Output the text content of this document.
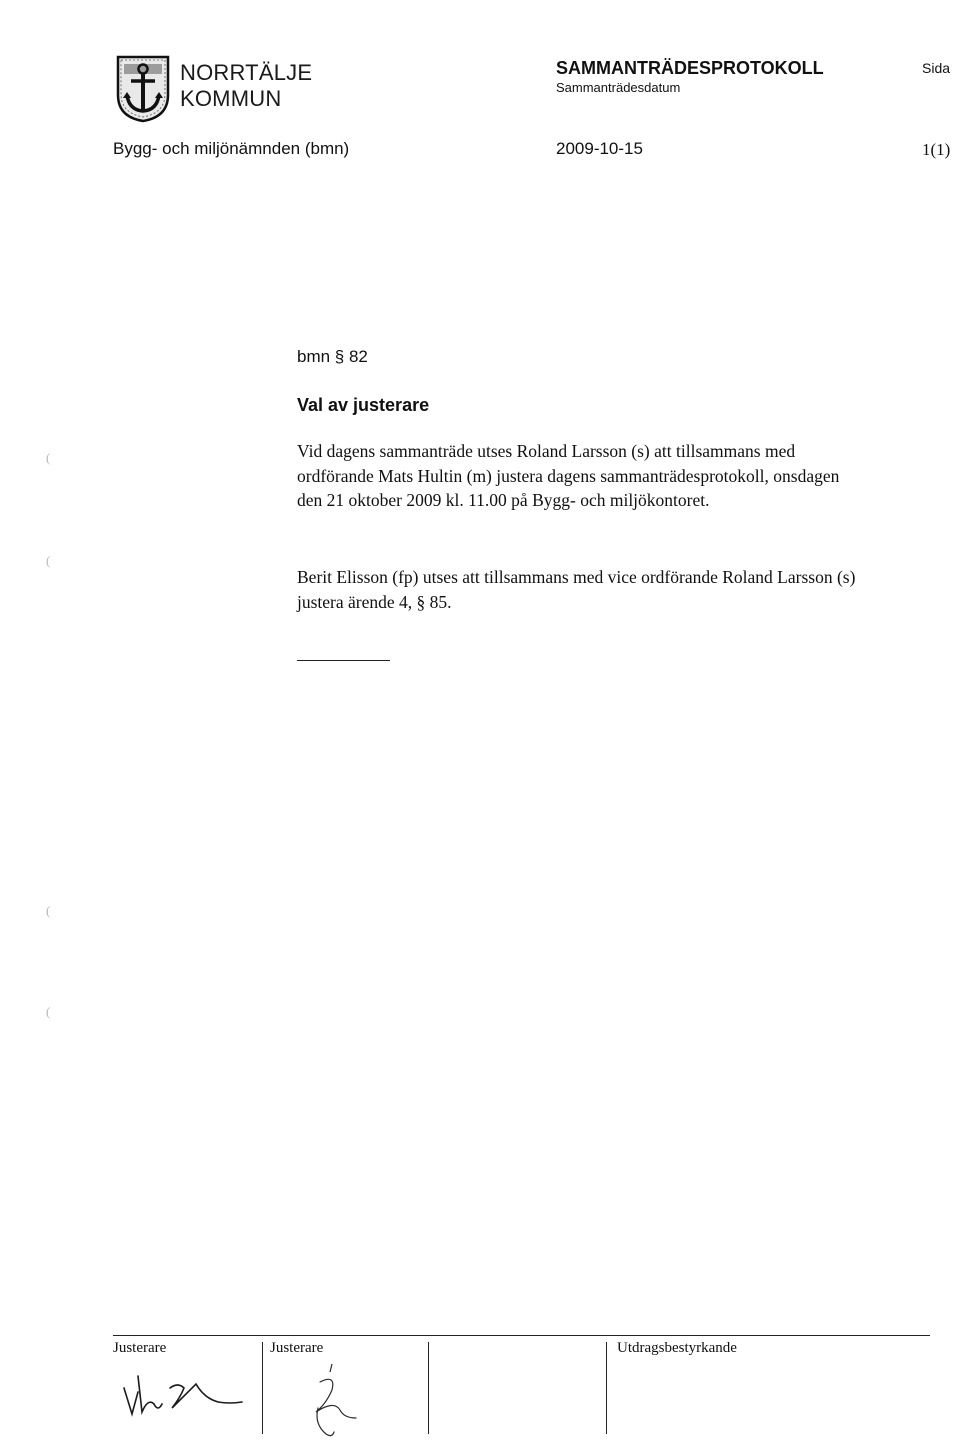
NORRTÄLJE
KOMMUN
SAMMANTRÄDESPROTOKOLL
Sammanträdesdatum
Sida
Bygg- och miljönämnden (bmn)	2009-10-15	1(1)
bmn § 82
Val av justerare
Vid dagens sammanträde utses Roland Larsson (s) att tillsammans med
ordförande Mats Hultin (m) justera dagens sammanträdesprotokoll, onsdagen
den 21 oktober 2009 kl. 11.00 på Bygg- och miljökontoret.
Berit Elisson (fp) utses att tillsammans med vice ordförande Roland Larsson (s)
justera ärende 4, § 85.
(
(
(
(
Justerare	Justerare	Utdragsbestyrkande
